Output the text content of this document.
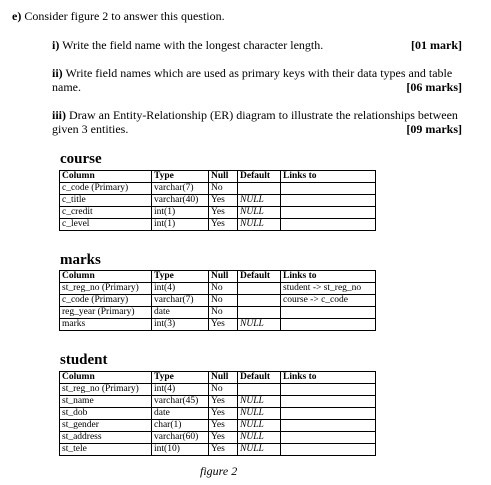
e) Consider figure 2 to answer this question.
i) Write the field name with the longest character length.	[01 mark]
ii) Write field names which are used as primary keys with their data types and table name.	[06 marks]
iii) Draw an Entity-Relationship (ER) diagram to illustrate the relationships between given 3 entities.	[09 marks]
course
Column	Type	Null	Default	Links to
c_code (Primary)	varchar(7)	No		
c_title	varchar(40)	Yes	NULL	
c_credit	int(1)	Yes	NULL	
c_level	int(1)	Yes	NULL	
marks
Column	Type	Null	Default	Links to
st_reg_no (Primary)	int(4)	No		student -> st_reg_no
c_code (Primary)	varchar(7)	No		course -> c_code
reg_year (Primary)	date	No		
marks	int(3)	Yes	NULL	
student
Column	Type	Null	Default	Links to
st_reg_no (Primary)	int(4)	No		
st_name	varchar(45)	Yes	NULL	
st_dob	date	Yes	NULL	
st_gender	char(1)	Yes	NULL	
st_address	varchar(60)	Yes	NULL	
st_tele	int(10)	Yes	NULL	
figure 2
